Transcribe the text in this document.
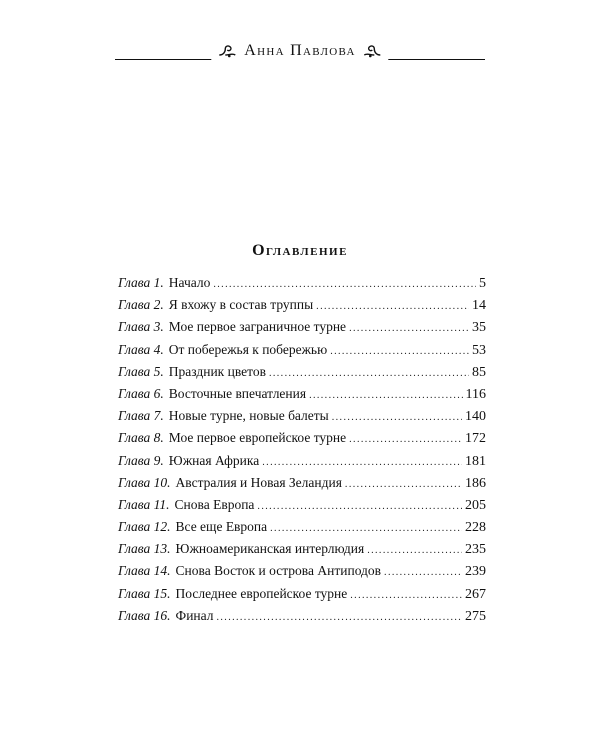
Анна Павлова
Оглавление
Глава 1. Начало .....	5
Глава 2. Я вхожу в состав труппы .....	14
Глава 3. Мое первое заграничное турне .....	35
Глава 4. От побережья к побережью .....	53
Глава 5. Праздник цветов .....	85
Глава 6. Восточные впечатления .....	116
Глава 7. Новые турне, новые балеты .....	140
Глава 8. Мое первое европейское турне .....	172
Глава 9. Южная Африка .....	181
Глава 10. Австралия и Новая Зеландия .....	186
Глава 11. Снова Европа .....	205
Глава 12. Все еще Европа .....	228
Глава 13. Южноамериканская интерлюдия .....	235
Глава 14. Снова Восток и острова Антиподов .....	239
Глава 15. Последнее европейское турне .....	267
Глава 16. Финал .....	275
